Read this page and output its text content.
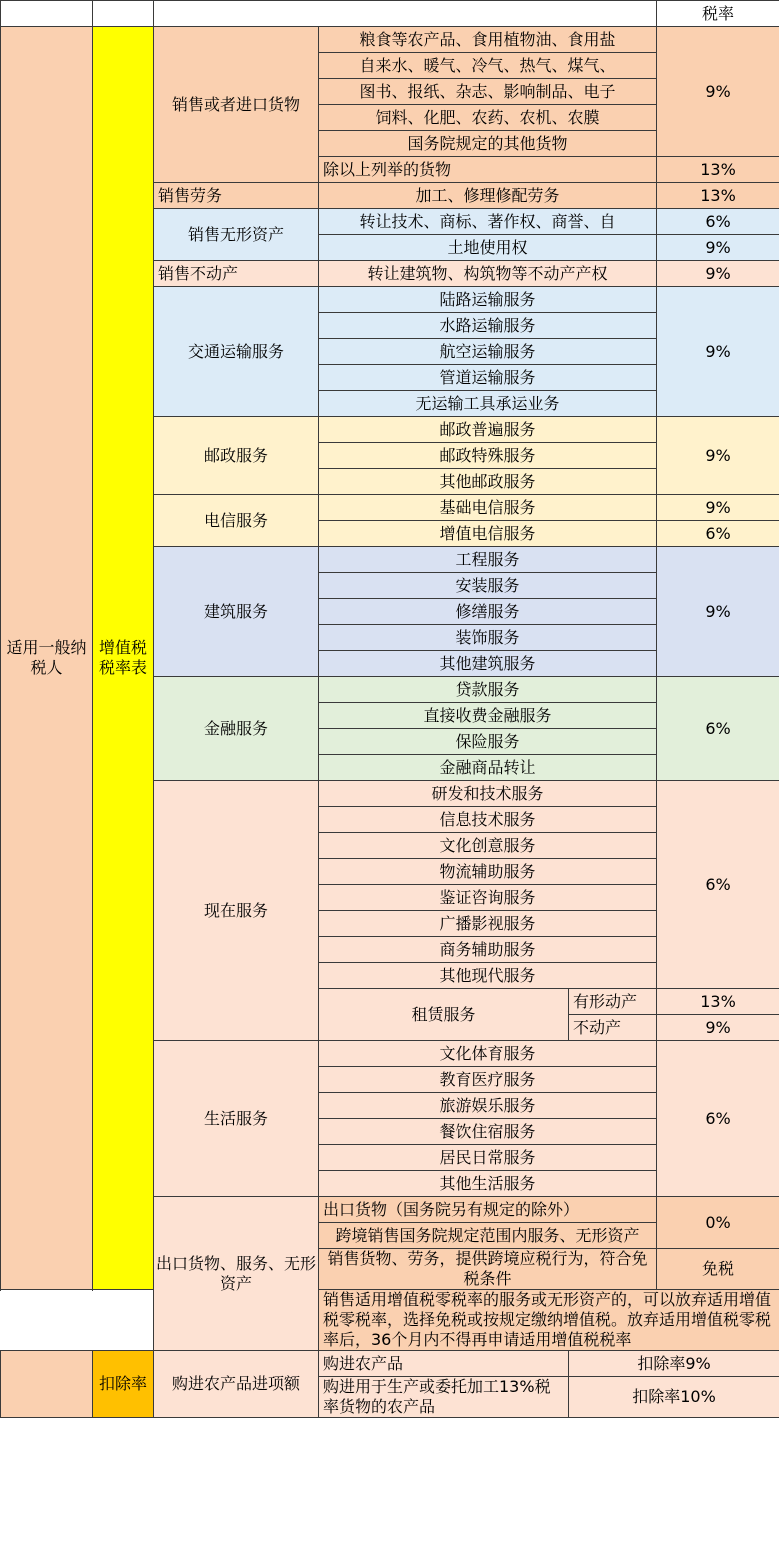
					税率
适用一般纳税人	增值税税率表	销售或者进口货物	粮食等农产品、食用植物油、食用盐		9%
			自来水、暖气、冷气、热气、煤气、		
			图书、报纸、杂志、影响制品、电子		
			饲料、化肥、农药、农机、农膜		
			国务院规定的其他货物		
			除以上列举的货物		13%
		销售劳务	加工、修理修配劳务		13%
		销售无形资产	转让技术、商标、著作权、商誉、自		6%
			土地使用权		9%
		销售不动产	转让建筑物、构筑物等不动产产权		9%
		交通运输服务	陆路运输服务		9%
			水路运输服务		
			航空运输服务		
			管道运输服务		
			无运输工具承运业务		
		邮政服务	邮政普遍服务		9%
			邮政特殊服务		
			其他邮政服务		
		电信服务	基础电信服务		9%
			增值电信服务		6%
		建筑服务	工程服务		9%
			安装服务		
			修缮服务		
			装饰服务		
			其他建筑服务		
		金融服务	贷款服务		6%
			直接收费金融服务		
			保险服务		
			金融商品转让		
		现在服务	研发和技术服务		6%
			信息技术服务		
			文化创意服务		
			物流辅助服务		
			鉴证咨询服务		
			广播影视服务		
			商务辅助服务		
			其他现代服务		
			租赁服务	有形动产	13%
				不动产	9%
		生活服务	文化体育服务		6%
			教育医疗服务		
			旅游娱乐服务		
			餐饮住宿服务		
			居民日常服务		
			其他生活服务		
		出口货物、服务、无形资产	出口货物（国务院另有规定的除外）		0%
			跨境销售国务院规定范围内服务、无形资产		

			销售货物、劳务，提供跨境应税行为，符合免税条件		免税

			销售适用增值税零税率的服务或无形资产的，可以放弃适用增值税零税率，选择免税或按规定缴纳增值税。放弃适用增值税零税率后，36个月内不得再申请适用增值税税率		

	扣除率	购进农产品进项额	购进农产品	扣除率9%	

			购进用于生产或委托加工13%税率货物的农产品	扣除率10%	
